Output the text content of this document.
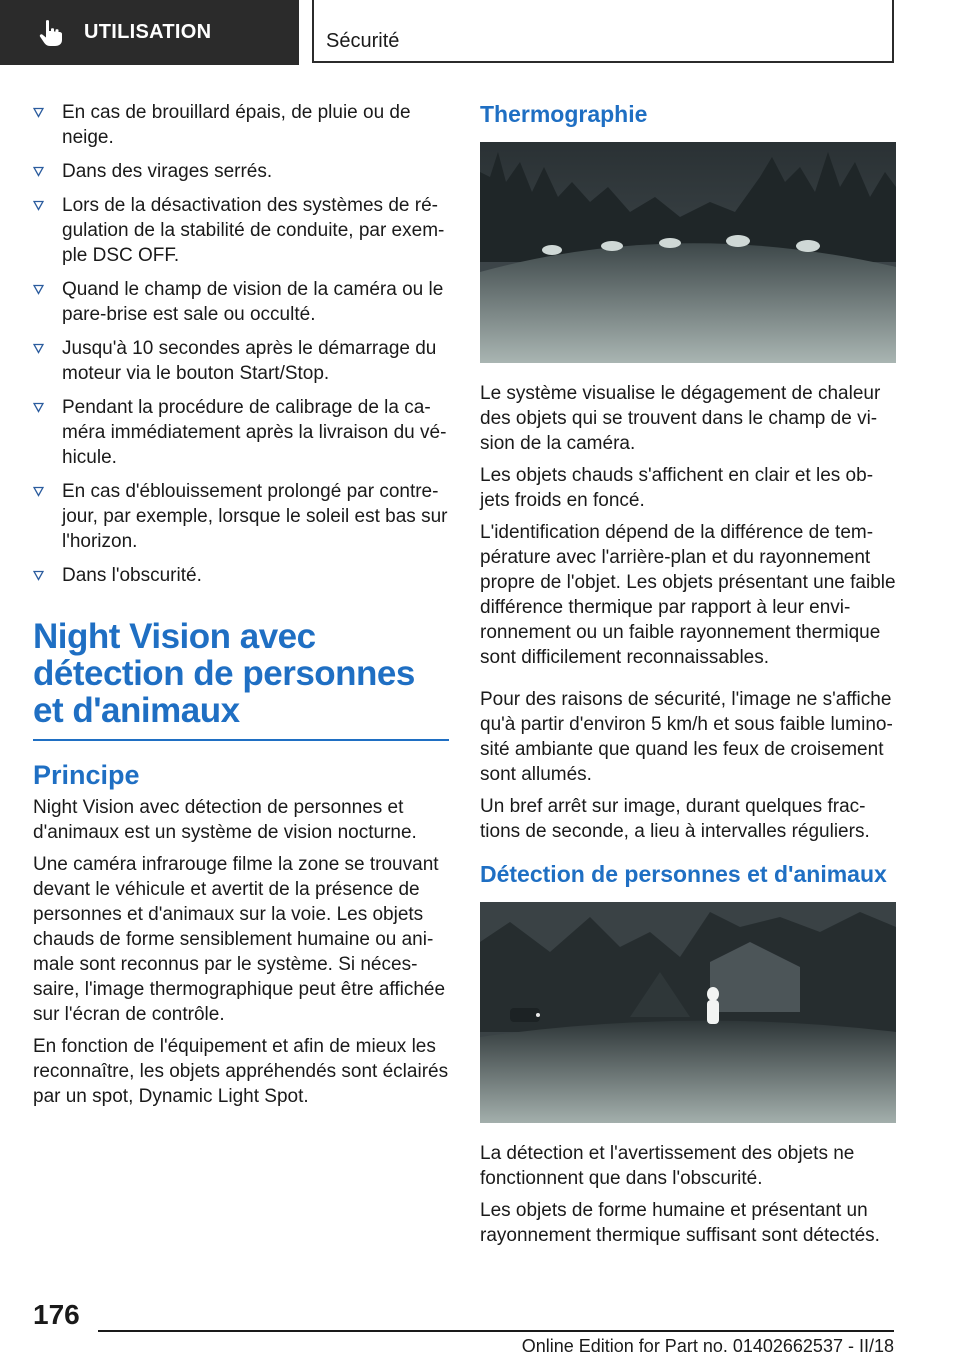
UTILISATION	Sécurité
En cas de brouillard épais, de pluie ou de neige.
Dans des virages serrés.
Lors de la désactivation des systèmes de régulation de la stabilité de conduite, par exemple DSC OFF.
Quand le champ de vision de la caméra ou le pare-brise est sale ou occulté.
Jusqu'à 10 secondes après le démarrage du moteur via le bouton Start/Stop.
Pendant la procédure de calibrage de la caméra immédiatement après la livraison du véhicule.
En cas d'éblouissement prolongé par contrejour, par exemple, lorsque le soleil est bas sur l'horizon.
Dans l'obscurité.
Night Vision avec détection de personnes et d'animaux
Principe

Night Vision avec détection de personnes et d'animaux est un système de vision nocturne.

Une caméra infrarouge filme la zone se trouvant devant le véhicule et avertit de la présence de personnes et d'animaux sur la voie. Les objets chauds de forme sensiblement humaine ou animale sont reconnus par le système. Si nécessaire, l'image thermographique peut être affichée sur l'écran de contrôle.

En fonction de l'équipement et afin de mieux les reconnaître, les objets appréhendés sont éclairés par un spot, Dynamic Light Spot.

Thermographie

Le système visualise le dégagement de chaleur des objets qui se trouvent dans le champ de vision de la caméra.

Les objets chauds s'affichent en clair et les objets froids en foncé.

L'identification dépend de la différence de température avec l'arrière-plan et du rayonnement propre de l'objet. Les objets présentant une faible différence thermique par rapport à leur environnement ou un faible rayonnement thermique sont difficilement reconnaissables.

Pour des raisons de sécurité, l'image ne s'affiche qu'à partir d'environ 5 km/h et sous faible luminosité ambiante que quand les feux de croisement sont allumés.

Un bref arrêt sur image, durant quelques fractions de seconde, a lieu à intervalles réguliers.

Détection de personnes et d'animaux

La détection et l'avertissement des objets ne fonctionnent que dans l'obscurité.

Les objets de forme humaine et présentant un rayonnement thermique suffisant sont détectés.

176
Online Edition for Part no. 01402662537 - II/18
